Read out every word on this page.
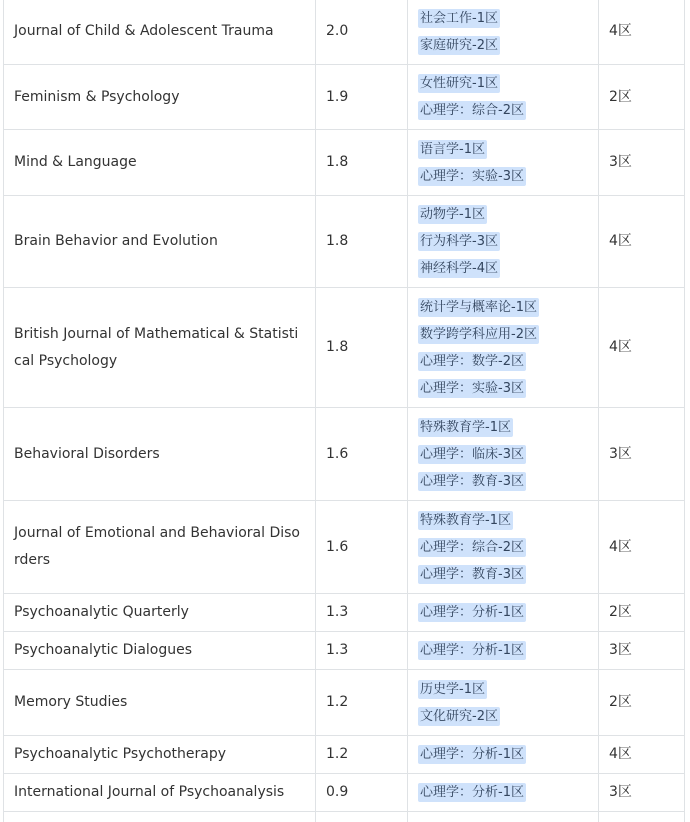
Journal of Child & Adolescent Trauma	2.0	社会工作-1区
家庭研究-2区	4区
Feminism & Psychology	1.9	女性研究-1区
心理学：综合-2区	2区
Mind & Language	1.8	语言学-1区
心理学：实验-3区	3区
Brain Behavior and Evolution	1.8	动物学-1区
行为科学-3区
神经科学-4区	4区
British Journal of Mathematical & Statistical Psychology	1.8	统计学与概率论-1区
数学跨学科应用-2区
心理学：数学-2区
心理学：实验-3区	4区
Behavioral Disorders	1.6	特殊教育学-1区
心理学：临床-3区
心理学：教育-3区	3区
Journal of Emotional and Behavioral Disorders	1.6	特殊教育学-1区
心理学：综合-2区
心理学：教育-3区	4区
Psychoanalytic Quarterly	1.3	心理学：分析-1区	2区
Psychoanalytic Dialogues	1.3	心理学：分析-1区	3区
Memory Studies	1.2	历史学-1区
文化研究-2区	2区
Psychoanalytic Psychotherapy	1.2	心理学：分析-1区	4区
International Journal of Psychoanalysis	0.9	心理学：分析-1区	3区
